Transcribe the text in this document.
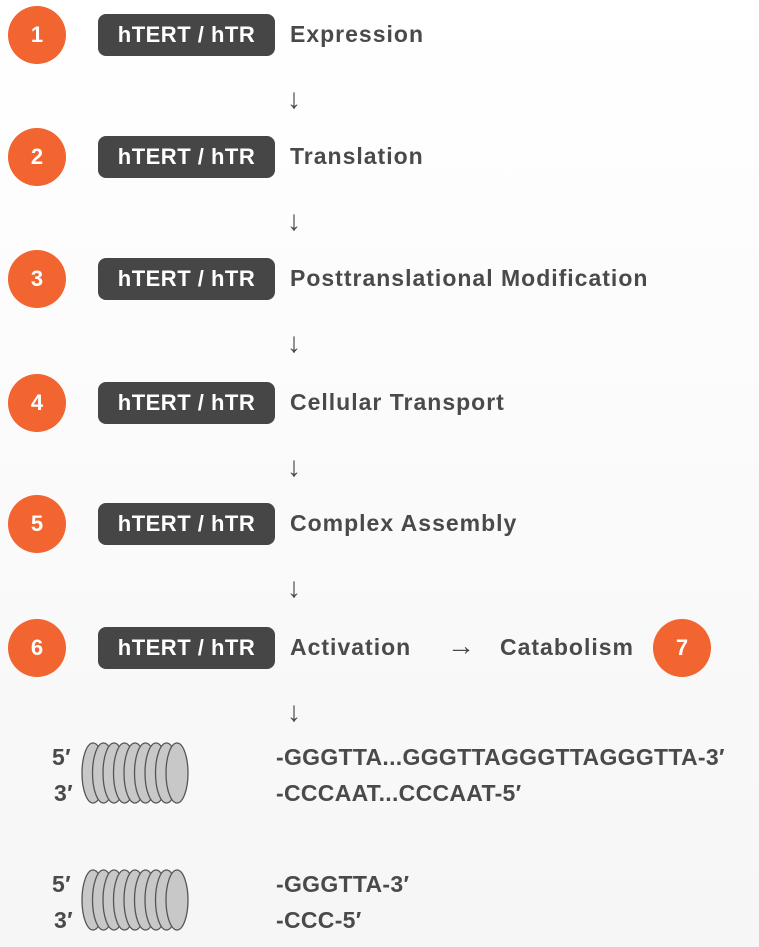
1	hTERT / hTR	Expression
↓
2	hTERT / hTR	Translation
↓
3	hTERT / hTR	Posttranslational Modification
↓
4	hTERT / hTR	Cellular Transport
↓
5	hTERT / hTR	Complex Assembly
↓
6	hTERT / hTR	Activation
↓
→ Catabolism	7
5′
3′
-GGGTTA...GGGTTAGGGTTAGGGTTA-3′
-CCCAAT...CCCAAT-5′
5′
3′
-GGGTTA-3′
-CCC-5′
